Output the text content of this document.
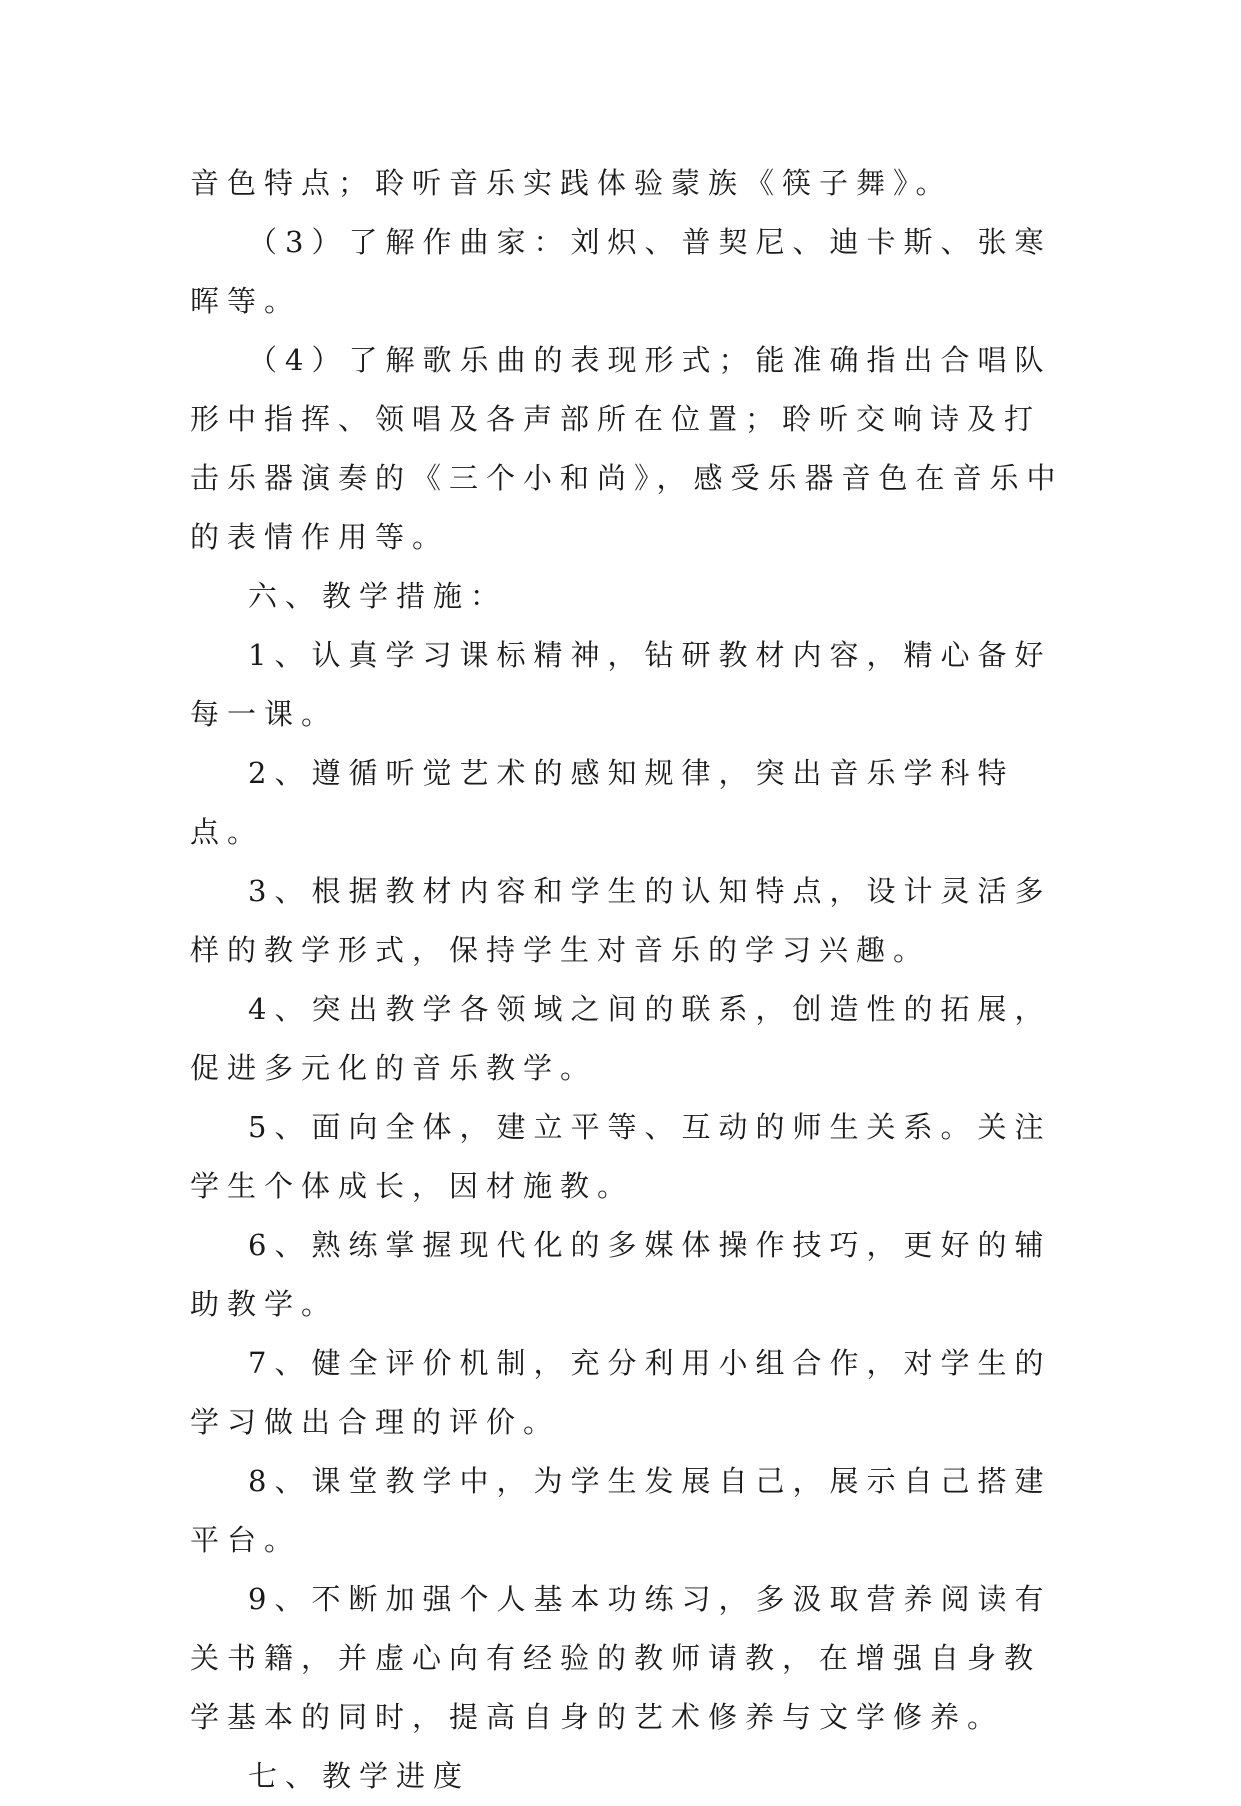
音色特点；聆听音乐实践体验蒙族《筷子舞》。

（3）了解作曲家：刘炽、普契尼、迪卡斯、张寒晖等。

（4）了解歌乐曲的表现形式；能准确指出合唱队形中指挥、领唱及各声部所在位置；聆听交响诗及打击乐器演奏的《三个小和尚》，感受乐器音色在音乐中的表情作用等。

六、教学措施：

1、认真学习课标精神，钻研教材内容，精心备好每一课。

2、遵循听觉艺术的感知规律，突出音乐学科特点。

3、根据教材内容和学生的认知特点，设计灵活多样的教学形式，保持学生对音乐的学习兴趣。

4、突出教学各领域之间的联系，创造性的拓展，促进多元化的音乐教学。

5、面向全体，建立平等、互动的师生关系。关注学生个体成长，因材施教。

6、熟练掌握现代化的多媒体操作技巧，更好的辅助教学。

7、健全评价机制，充分利用小组合作，对学生的学习做出合理的评价。

8、课堂教学中，为学生发展自己，展示自己搭建平台。

9、不断加强个人基本功练习，多汲取营养阅读有关书籍，并虚心向有经验的教师请教，在增强自身教学基本的同时，提高自身的艺术修养与文学修养。

七、教学进度
